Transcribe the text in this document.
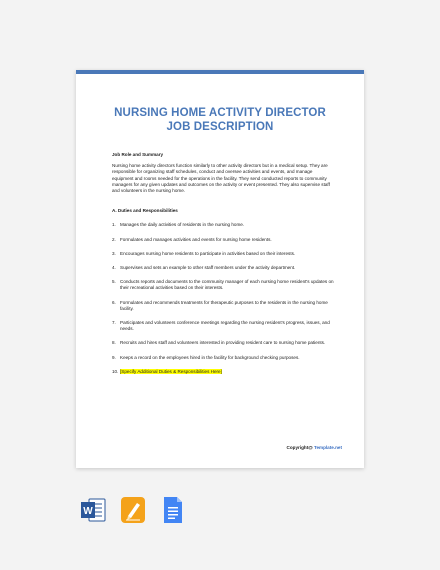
NURSING HOME ACTIVITY DIRECTOR
JOB DESCRIPTION
Job Role and Summary
Nursing home activity directors function similarly to other activity directors but in a medical setup. They are responsible for organizing staff schedules, conduct and oversee activities and events, and manage equipment and rooms needed for the operations in the facility. They send conducted reports to community managers for any given updates and outcomes on the activity or event presented. They also supervise staff and volunteers in the nursing home.
A. Duties and Responsibilities
1. Manages the daily activities of residents in the nursing home.
2. Formulates and manages activities and events for nursing home residents.
3. Encourages nursing home residents to participate in activities based on their interests.
4. Supervises and sets an example to other staff members under the activity department.
5. Conducts reports and documents to the community manager of each nursing home resident's updates on their recreational activities based on their interests.
6. Formulates and recommends treatments for therapeutic purposes to the residents in the nursing home facility.
7. Participates and volunteers conference meetings regarding the nursing resident's progress, issues, and needs.
8. Recruits and hires staff and volunteers interested in providing resident care to nursing home patients.
9. Keeps a record on the employees hired in the facility for background checking purposes.
10. [Specify Additional Duties & Responsibilities Here]
Copyright@ Template.net
W
